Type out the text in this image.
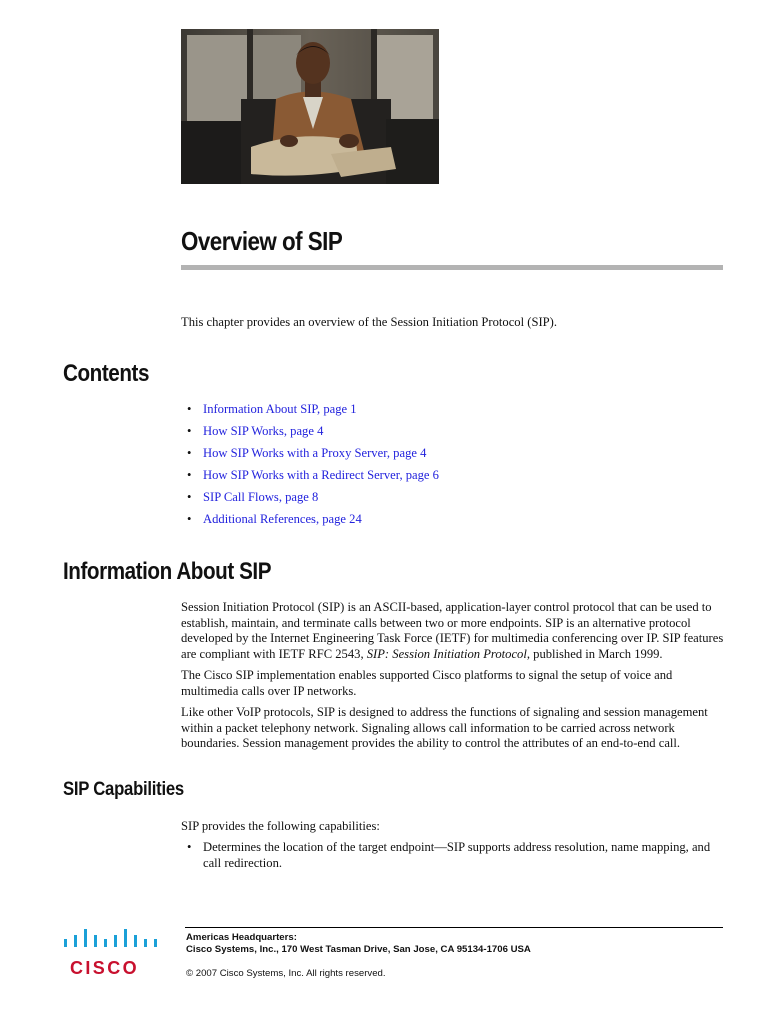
Overview of SIP
This chapter provides an overview of the Session Initiation Protocol (SIP).
Contents
• Information About SIP, page 1
• How SIP Works, page 4
• How SIP Works with a Proxy Server, page 4
• How SIP Works with a Redirect Server, page 6
• SIP Call Flows, page 8
• Additional References, page 24
Information About SIP

Session Initiation Protocol (SIP) is an ASCII-based, application-layer control protocol that can be used to establish, maintain, and terminate calls between two or more endpoints. SIP is an alternative protocol developed by the Internet Engineering Task Force (IETF) for multimedia conferencing over IP. SIP features are compliant with IETF RFC 2543, SIP: Session Initiation Protocol, published in March 1999.

The Cisco SIP implementation enables supported Cisco platforms to signal the setup of voice and multimedia calls over IP networks.

Like other VoIP protocols, SIP is designed to address the functions of signaling and session management within a packet telephony network. Signaling allows call information to be carried across network boundaries. Session management provides the ability to control the attributes of an end-to-end call.

SIP Capabilities
SIP provides the following capabilities:
• Determines the location of the target endpoint—SIP supports address resolution, name mapping, and call redirection.
Americas Headquarters:
Cisco Systems, Inc., 170 West Tasman Drive, San Jose, CA 95134-1706 USA
© 2007 Cisco Systems, Inc. All rights reserved.
CISCO
